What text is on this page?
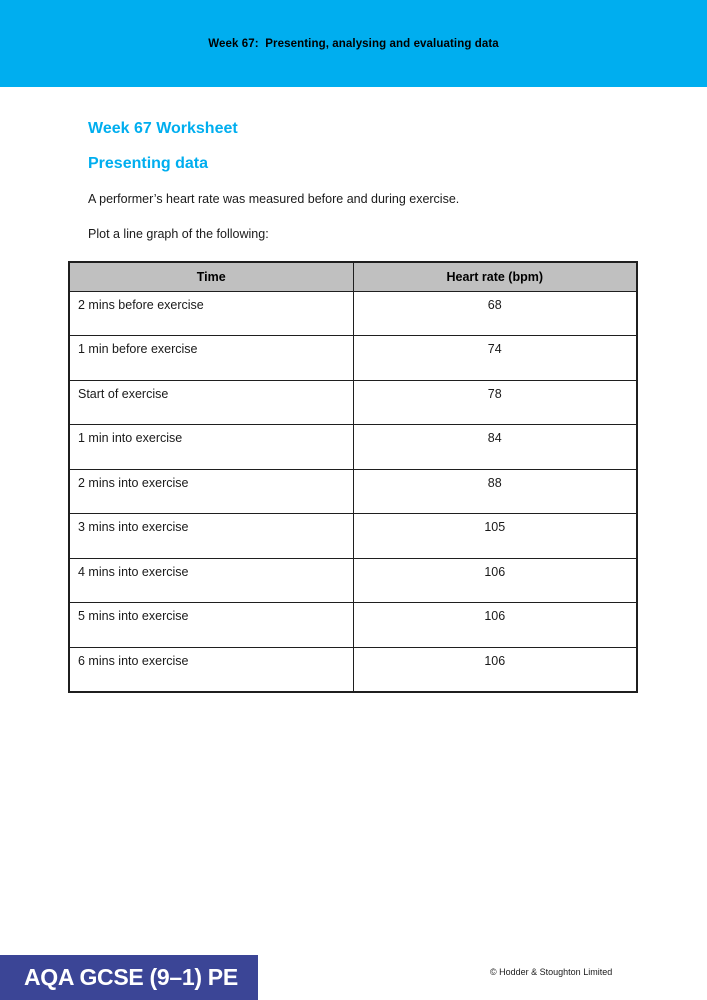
Week 67:  Presenting, analysing and evaluating data
Week 67 Worksheet
Presenting data

A performer’s heart rate was measured before and during exercise.

Plot a line graph of the following:

Time	Heart rate (bpm)
2 mins before exercise	68
1 min before exercise	74
Start of exercise	78
1 min into exercise	84
2 mins into exercise	88
3 mins into exercise	105
4 mins into exercise	106
5 mins into exercise	106
6 mins into exercise	106
AQA GCSE (9–1) PE	© Hodder & Stoughton Limited
